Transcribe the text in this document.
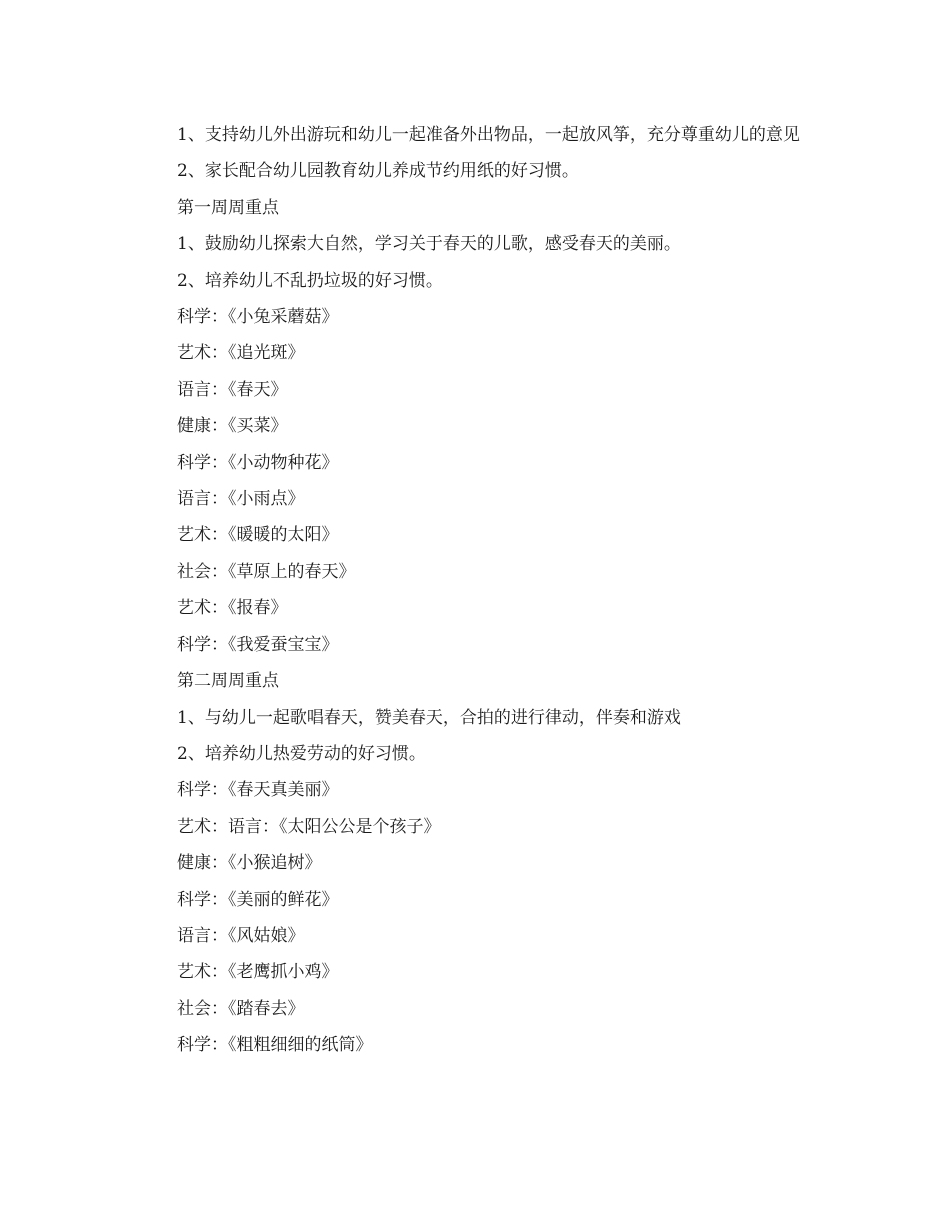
1、支持幼儿外出游玩和幼儿一起准备外出物品，一起放风筝，充分尊重幼儿的意见

2、家长配合幼儿园教育幼儿养成节约用纸的好习惯。

第一周周重点

1、鼓励幼儿探索大自然，学习关于春天的儿歌，感受春天的美丽。

2、培养幼儿不乱扔垃圾的好习惯。

科学：《小兔采蘑菇》

艺术：《追光斑》

语言：《春天》

健康：《买菜》

科学：《小动物种花》

语言：《小雨点》

艺术：《暖暖的太阳》

社会：《草原上的春天》

艺术：《报春》

科学：《我爱蚕宝宝》

第二周周重点

1、与幼儿一起歌唱春天，赞美春天，合拍的进行律动，伴奏和游戏

2、培养幼儿热爱劳动的好习惯。

科学：《春天真美丽》

艺术：语言：《太阳公公是个孩子》

健康：《小猴追树》

科学：《美丽的鲜花》

语言：《风姑娘》

艺术：《老鹰抓小鸡》

社会：《踏春去》

科学：《粗粗细细的纸筒》
